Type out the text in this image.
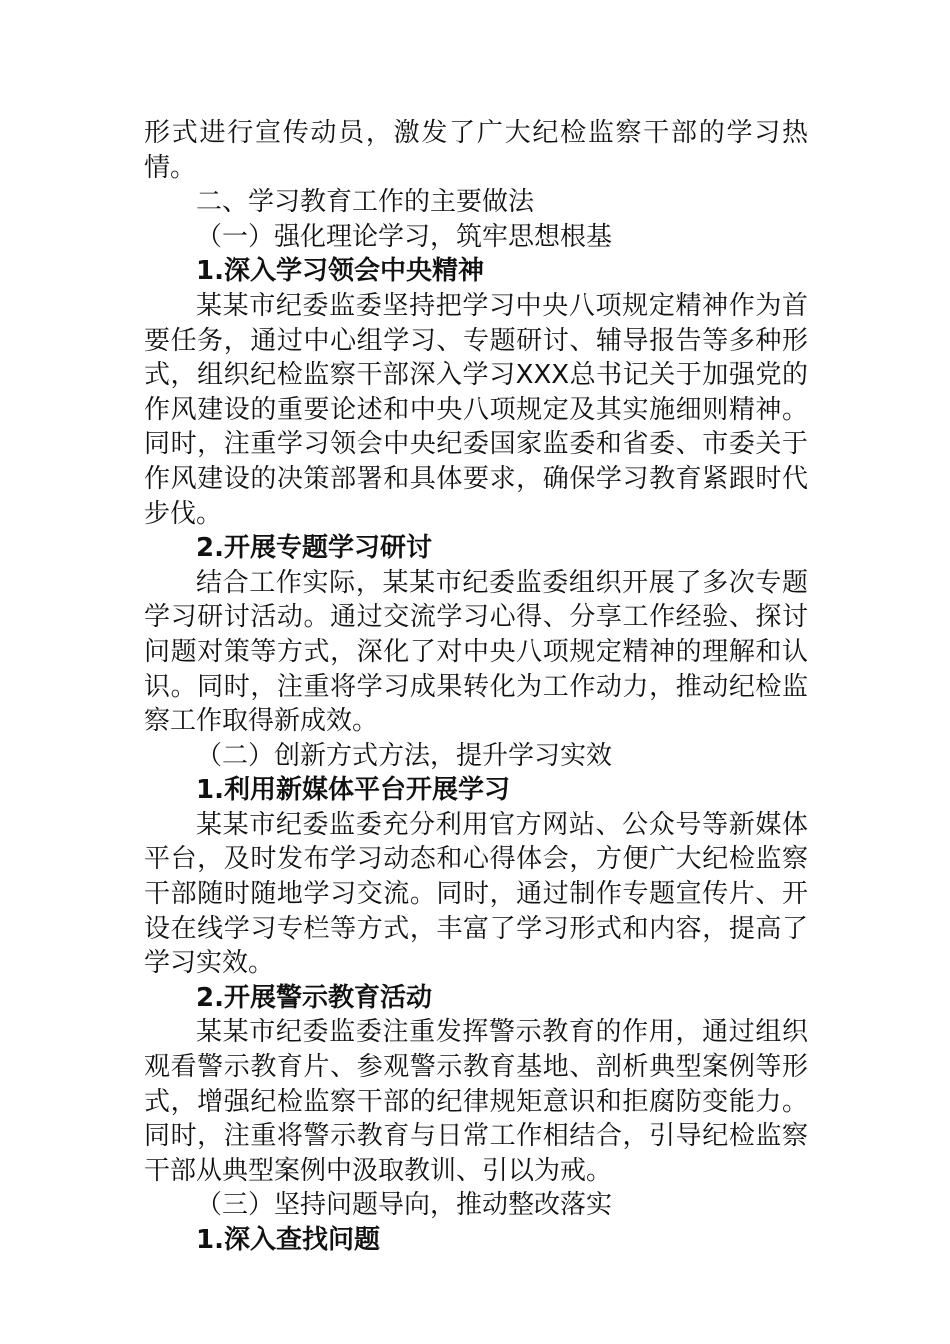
形式进行宣传动员，激发了广大纪检监察干部的学习热情。

二、学习教育工作的主要做法

（一）强化理论学习，筑牢思想根基

1.深入学习领会中央精神

某某市纪委监委坚持把学习中央八项规定精神作为首要任务，通过中心组学习、专题研讨、辅导报告等多种形式，组织纪检监察干部深入学习XXX总书记关于加强党的作风建设的重要论述和中央八项规定及其实施细则精神。同时，注重学习领会中央纪委国家监委和省委、市委关于作风建设的决策部署和具体要求，确保学习教育紧跟时代步伐。

2.开展专题学习研讨

结合工作实际，某某市纪委监委组织开展了多次专题学习研讨活动。通过交流学习心得、分享工作经验、探讨问题对策等方式，深化了对中央八项规定精神的理解和认识。同时，注重将学习成果转化为工作动力，推动纪检监察工作取得新成效。

（二）创新方式方法，提升学习实效

1.利用新媒体平台开展学习

某某市纪委监委充分利用官方网站、公众号等新媒体平台，及时发布学习动态和心得体会，方便广大纪检监察干部随时随地学习交流。同时，通过制作专题宣传片、开设在线学习专栏等方式，丰富了学习形式和内容，提高了学习实效。

2.开展警示教育活动

某某市纪委监委注重发挥警示教育的作用，通过组织观看警示教育片、参观警示教育基地、剖析典型案例等形式，增强纪检监察干部的纪律规矩意识和拒腐防变能力。同时，注重将警示教育与日常工作相结合，引导纪检监察干部从典型案例中汲取教训、引以为戒。

（三）坚持问题导向，推动整改落实

1.深入查找问题
